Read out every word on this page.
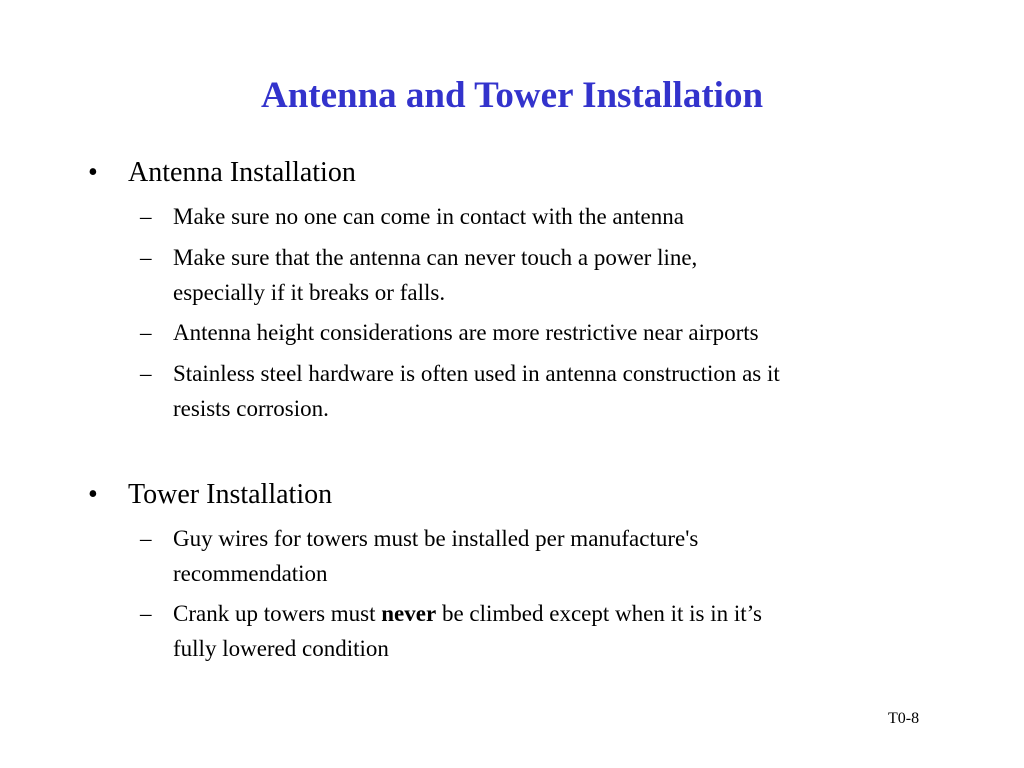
Antenna and Tower Installation
• Antenna Installation
– Make sure no one can come in contact with the antenna
– Make sure that the antenna can never touch a power line,
especially if it breaks or falls.
– Antenna height considerations are more restrictive near airports
– Stainless steel hardware is often used in antenna construction as it
resists corrosion.
• Tower Installation
– Guy wires for towers must be installed per manufacture's
recommendation
– Crank up towers must never be climbed except when it is in it’s
fully lowered condition
T0-8
